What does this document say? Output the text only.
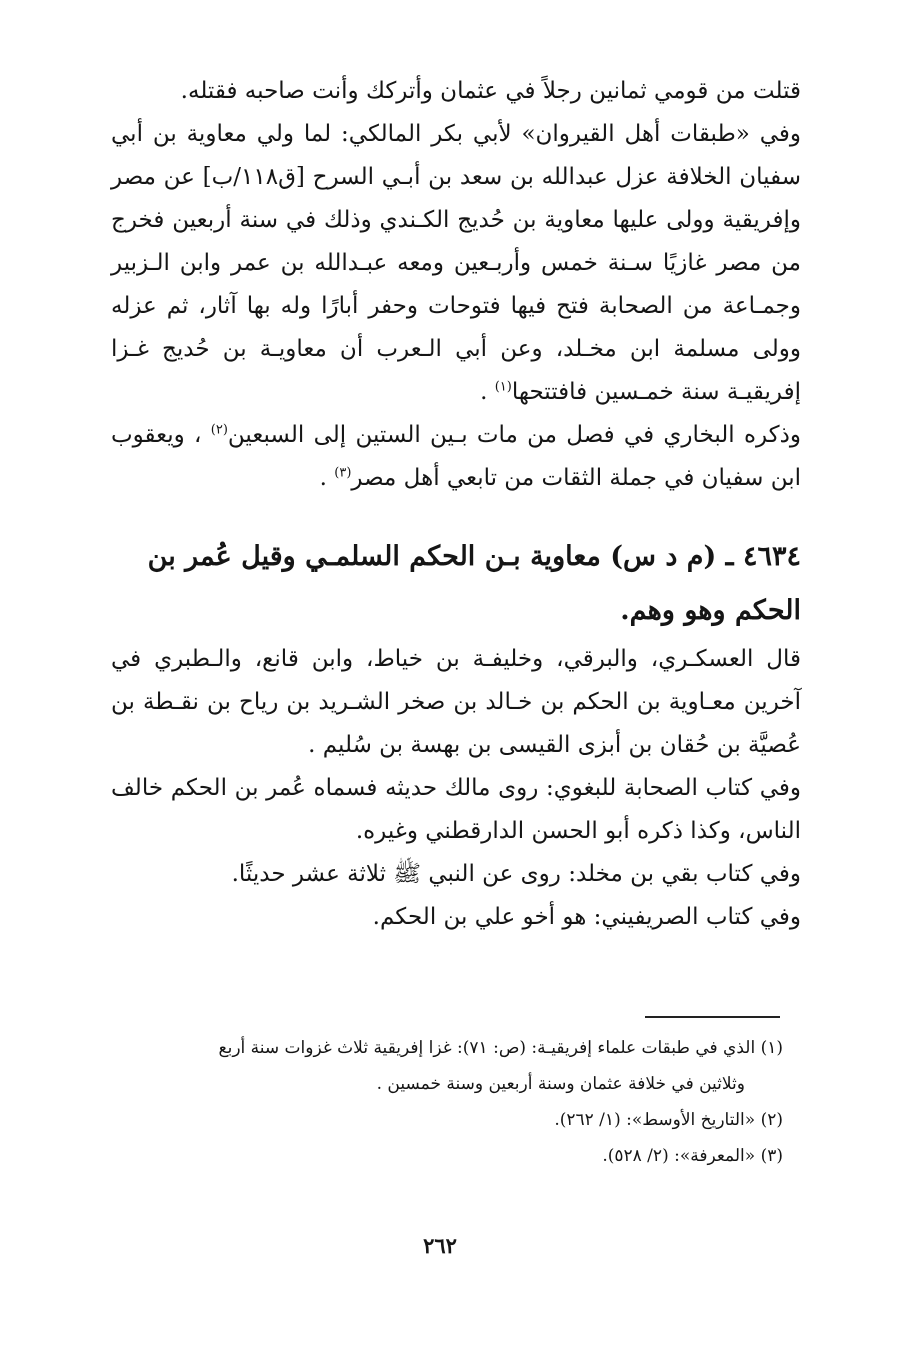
قتلت من قومي ثمانين رجلاً في عثمان وأتركك وأنت صاحبه فقتله.

وفي «طبقات أهل القيروان» لأبي بكر المالكي: لما ولي معاوية بن أبي سفيان الخلافة عزل عبدالله بن سعد بن أبـي السرح [ق١١٨/ب] عن مصر وإفريقية وولى عليها معاوية بن حُديج الكـندي وذلك في سنة أربعين فخرج من مصر غازيًا سـنة خمس وأربـعين ومعه عبـدالله بن عمر وابن الـزبير وجمـاعة من الصحابة فتح فيها فتوحات وحفر أبارًا وله بها آثار، ثم عزله وولى مسلمة ابن مخـلد، وعن أبي الـعرب أن معاويـة بن حُديج غـزا إفريقيـة سنة خمـسين فافتتحها$^{(١)}$ .

وذكره البخاري في فصل من مات بـين الستين إلى السبعين$^{(٢)}$ ، ويعقوب ابن سفيان في جملة الثقات من تابعي أهل مصر$^{(٣)}$ .

٤٦٣٤ ـ (م د س) معاوية بـن الحكم السلمـي وقيل عُمر بن الحكم وهو وهم.

قال العسكـري، والبرقي، وخليفـة بن خياط، وابن قانع، والـطبري في آخرين معـاوية بن الحكم بن خـالد بن صخر الشـريد بن رياح بن نقـطة بن عُصيَّة بن حُقان بن أبزى القيسى بن بهسة بن سُليم .

وفي كتاب الصحابة للبغوي: روى مالك حديثه فسماه عُمر بن الحكم خالف الناس، وكذا ذكره أبو الحسن الدارقطني وغيره.

وفي كتاب بقي بن مخلد: روى عن النبي ﷺ ثلاثة عشر حديثًا.

وفي كتاب الصريفيني: هو أخو علي بن الحكم.

(١) الذي في طبقات علماء إفريقيـة: (ص: ٧١): غزا إفريقية ثلاث غزوات سنة أربع

وثلاثين في خلافة عثمان وسنة أربعين وسنة خمسين .

(٢) «التاريخ الأوسط»: (١/ ٢٦٢).

(٣) «المعرفة»: (٢/ ٥٢٨).

٢٦٢
